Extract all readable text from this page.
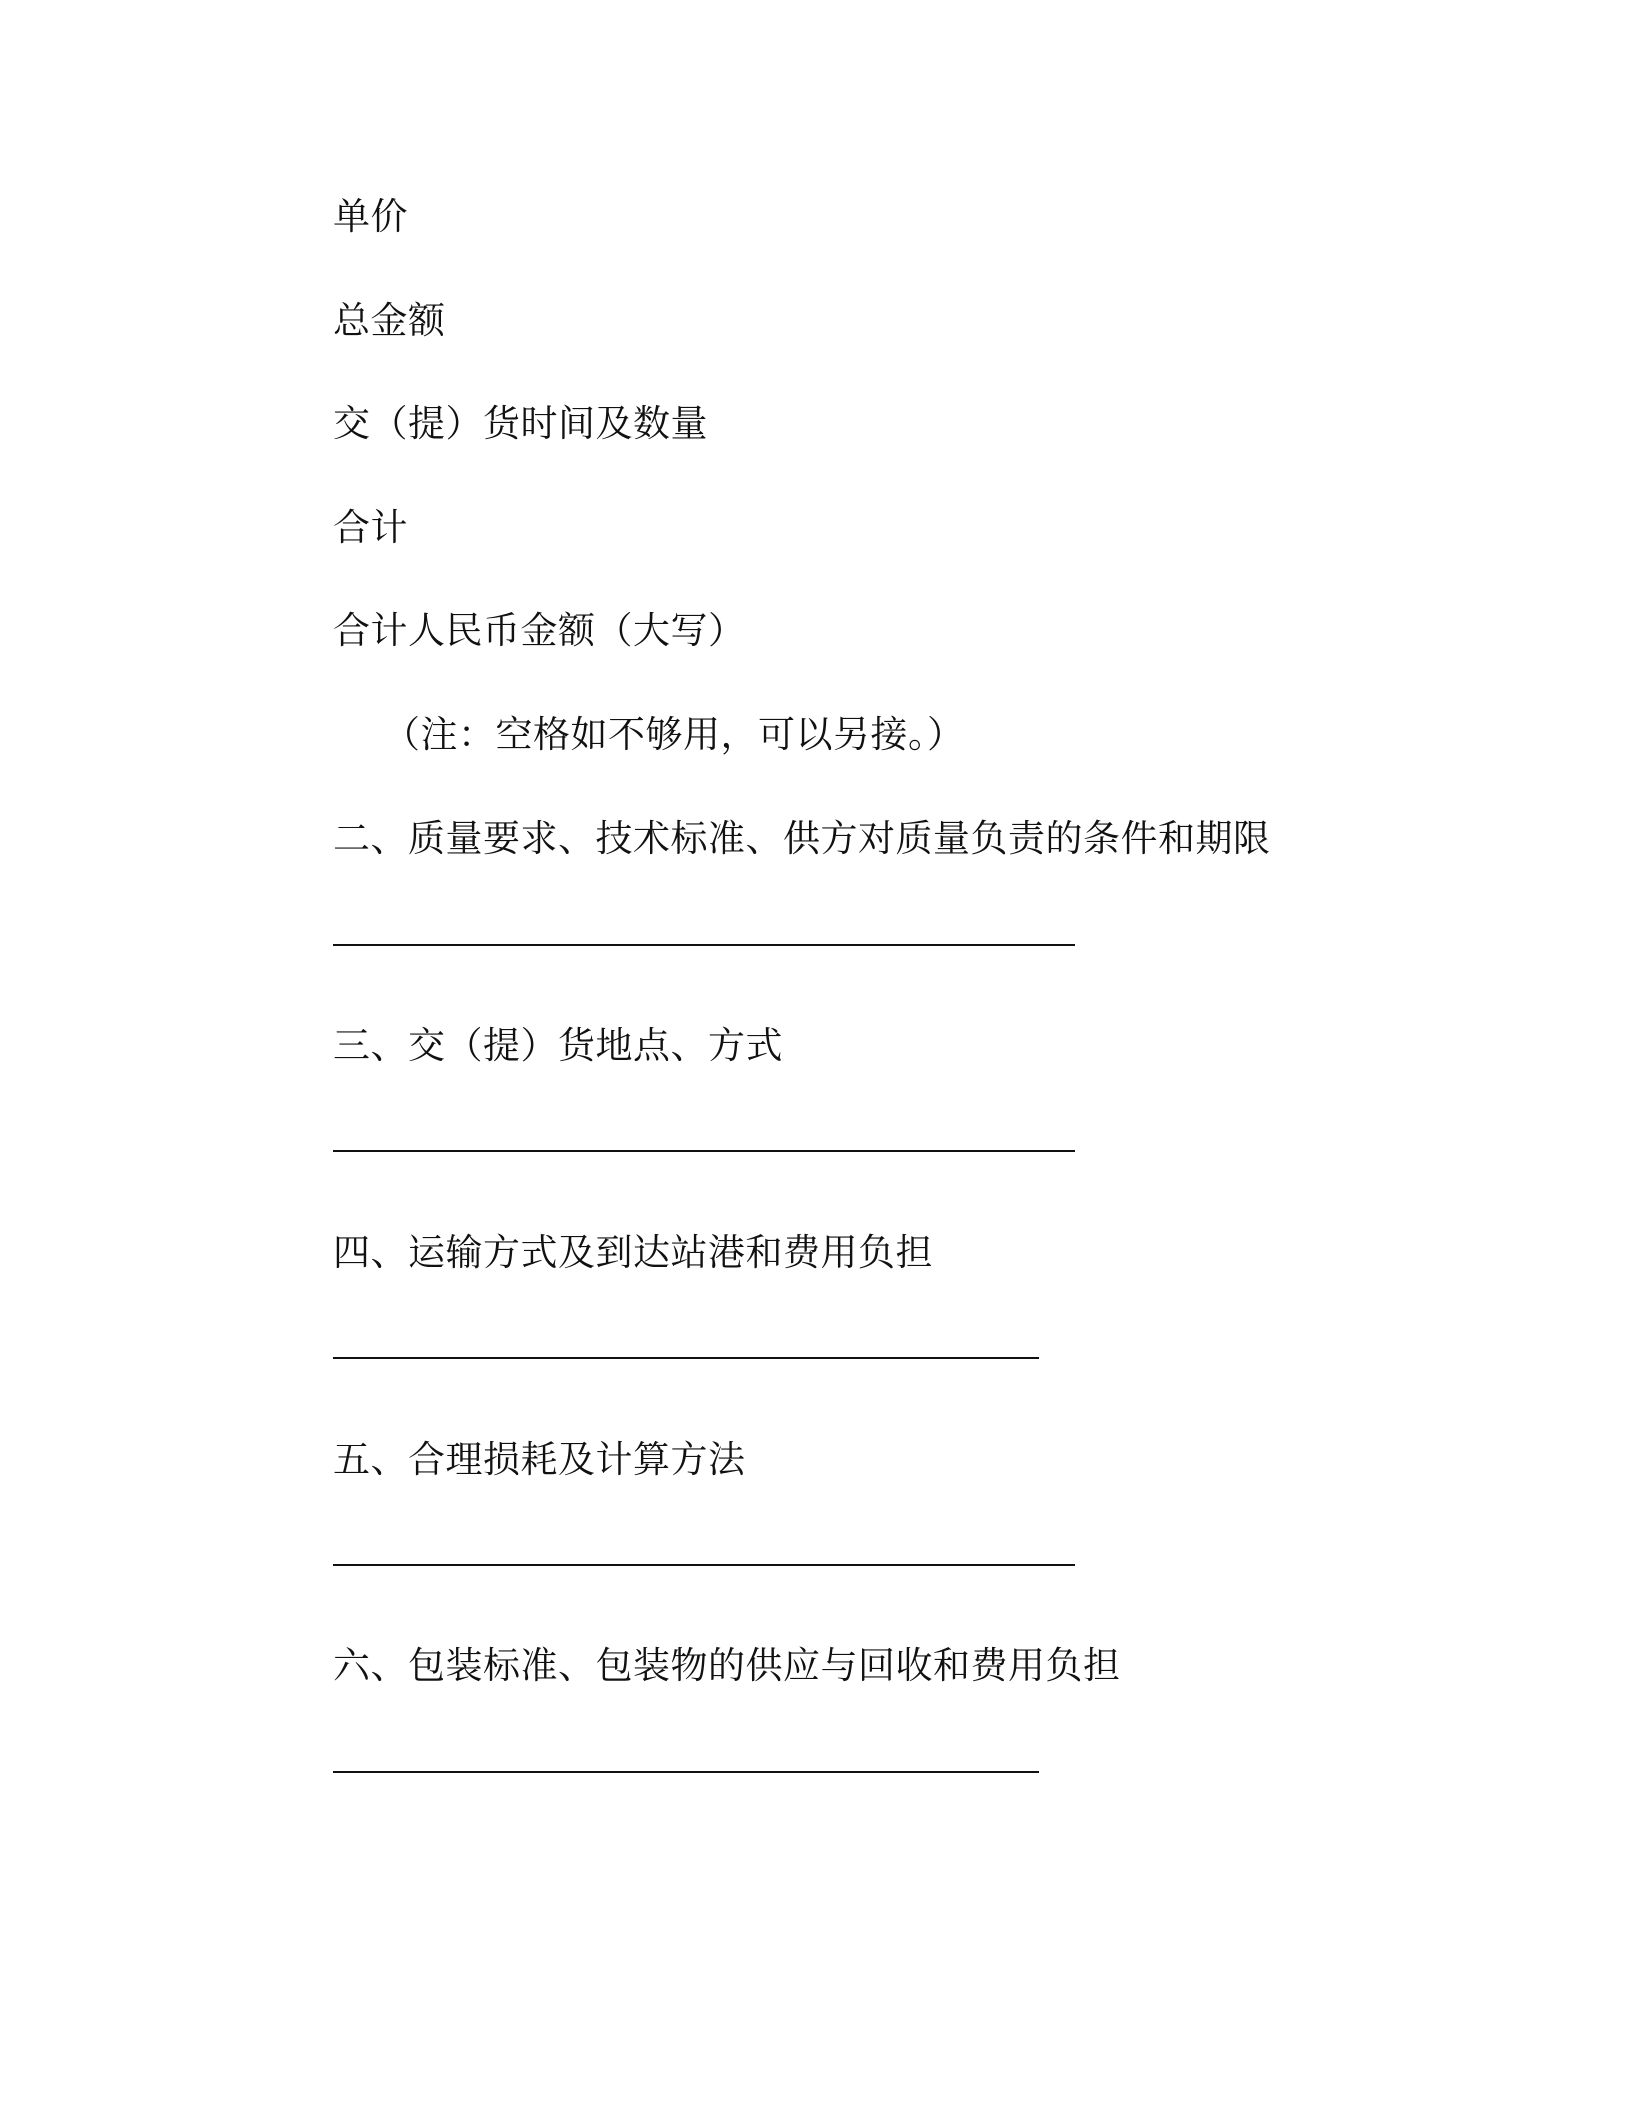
单价
总金额
交（提）货时间及数量
合计
合计人民币金额（大写）
（注：空格如不够用，可以另接。）
二、质量要求、技术标准、供方对质量负责的条件和期限
三、交（提）货地点、方式
四、运输方式及到达站港和费用负担
五、合理损耗及计算方法
六、包装标准、包装物的供应与回收和费用负担
